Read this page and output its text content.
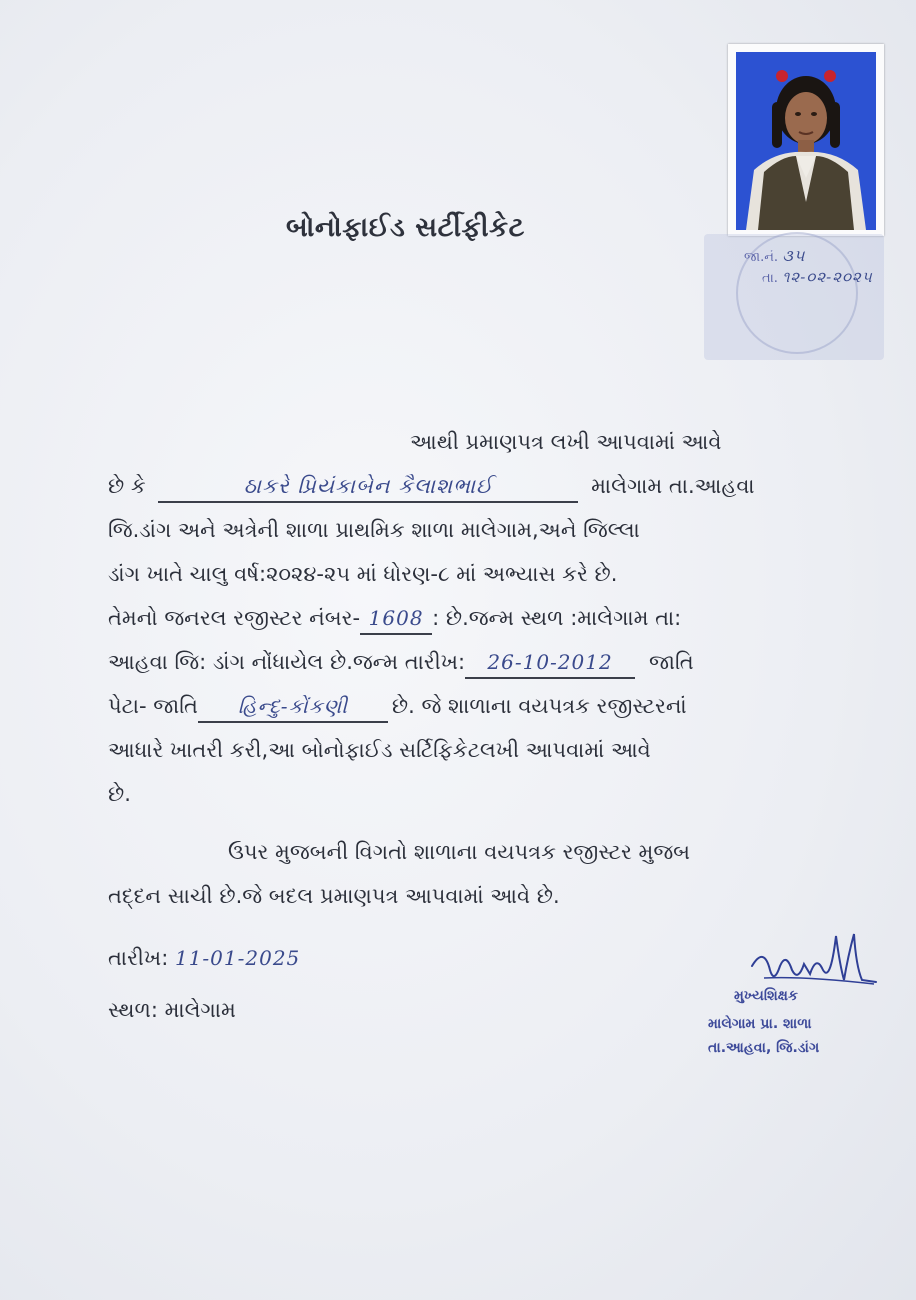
બોનોફાઈડ સર્ટીફીકેટ
જા.નં. ૩૫
તા. ૧૨-૦૨-૨૦૨૫
આથી પ્રમાણપત્ર લખી આપવામાં આવે
છે કે	ઠાકરે પ્રિયંકાબેન કૈલાશભાઈ	માલેગામ તા.આહવા
જિ.ડાંગ અને અત્રેની શાળા પ્રાથમિક શાળા માલેગામ,અને જિલ્લા
ડાંગ ખાતે ચાલુ વર્ષ:૨૦૨૪-૨૫ માં ધોરણ-૮ માં અભ્યાસ કરે છે.
તેમનો જનરલ રજીસ્ટર નંબર- 1608 : છે.જન્મ સ્થળ :માલેગામ તા:
આહવા જિ: ડાંગ નોંધાયેલ છે.જન્મ તારીખ: 26-10-2012 જાતિ
પેટા- જાતિ હિન્દુ-કોંકણી છે. જે શાળાના વયપત્રક રજીસ્ટરનાં
આધારે ખાતરી કરી,આ બોનોફાઈડ સર્ટિફિકેટલખી આપવામાં આવે
છે.
ઉપર મુજબની વિગતો શાળાના વયપત્રક રજીસ્ટર મુજબ
તદ્દન સાચી છે.જે બદલ પ્રમાણપત્ર આપવામાં આવે છે.
તારીખ: 11-01-2025
સ્થળ: માલેગામ
મુખ્યશિક્ષક
માલેગામ પ્રા. શાળા
તા.આહવા, જિ.ડાંગ
